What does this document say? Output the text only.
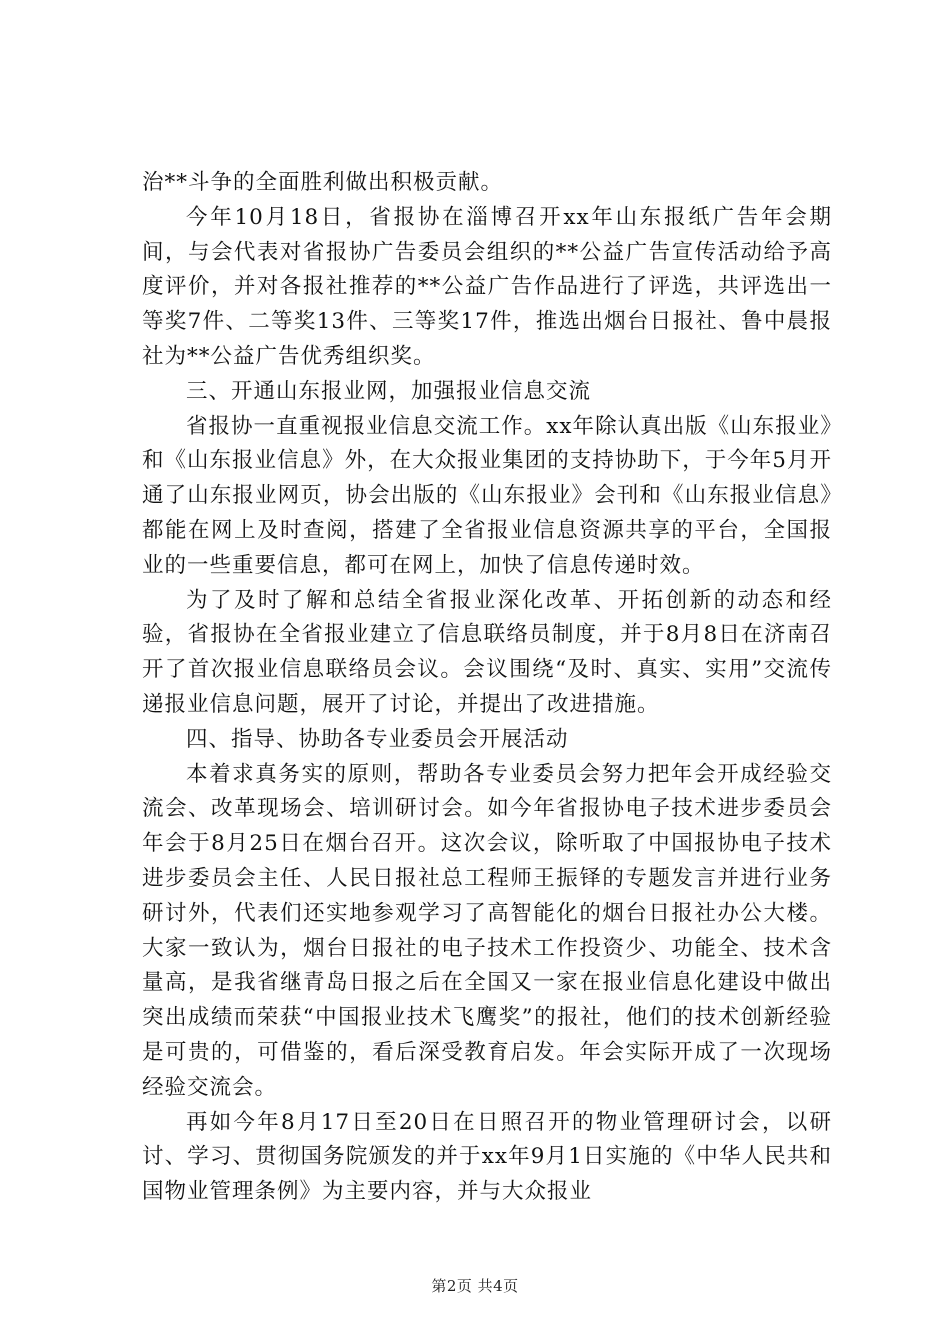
治**斗争的全面胜利做出积极贡献。

今年10月18日，省报协在淄博召开xx年山东报纸广告年会期间，与会代表对省报协广告委员会组织的**公益广告宣传活动给予高度评价，并对各报社推荐的**公益广告作品进行了评选，共评选出一等奖7件、二等奖13件、三等奖17件，推选出烟台日报社、鲁中晨报社为**公益广告优秀组织奖。

三、开通山东报业网，加强报业信息交流

省报协一直重视报业信息交流工作。xx年除认真出版《山东报业》和《山东报业信息》外，在大众报业集团的支持协助下，于今年5月开通了山东报业网页，协会出版的《山东报业》会刊和《山东报业信息》都能在网上及时查阅，搭建了全省报业信息资源共享的平台，全国报业的一些重要信息，都可在网上，加快了信息传递时效。

为了及时了解和总结全省报业深化改革、开拓创新的动态和经验，省报协在全省报业建立了信息联络员制度，并于8月8日在济南召开了首次报业信息联络员会议。会议围绕“及时、真实、实用”交流传递报业信息问题，展开了讨论，并提出了改进措施。

四、指导、协助各专业委员会开展活动

本着求真务实的原则，帮助各专业委员会努力把年会开成经验交流会、改革现场会、培训研讨会。如今年省报协电子技术进步委员会年会于8月25日在烟台召开。这次会议，除听取了中国报协电子技术进步委员会主任、人民日报社总工程师王振铎的专题发言并进行业务研讨外，代表们还实地参观学习了高智能化的烟台日报社办公大楼。大家一致认为，烟台日报社的电子技术工作投资少、功能全、技术含量高，是我省继青岛日报之后在全国又一家在报业信息化建设中做出突出成绩而荣获“中国报业技术飞鹰奖”的报社，他们的技术创新经验是可贵的，可借鉴的，看后深受教育启发。年会实际开成了一次现场经验交流会。

再如今年8月17日至20日在日照召开的物业管理研讨会，以研讨、学习、贯彻国务院颁发的并于xx年9月1日实施的《中华人民共和国物业管理条例》为主要内容，并与大众报业

第2页 共4页
